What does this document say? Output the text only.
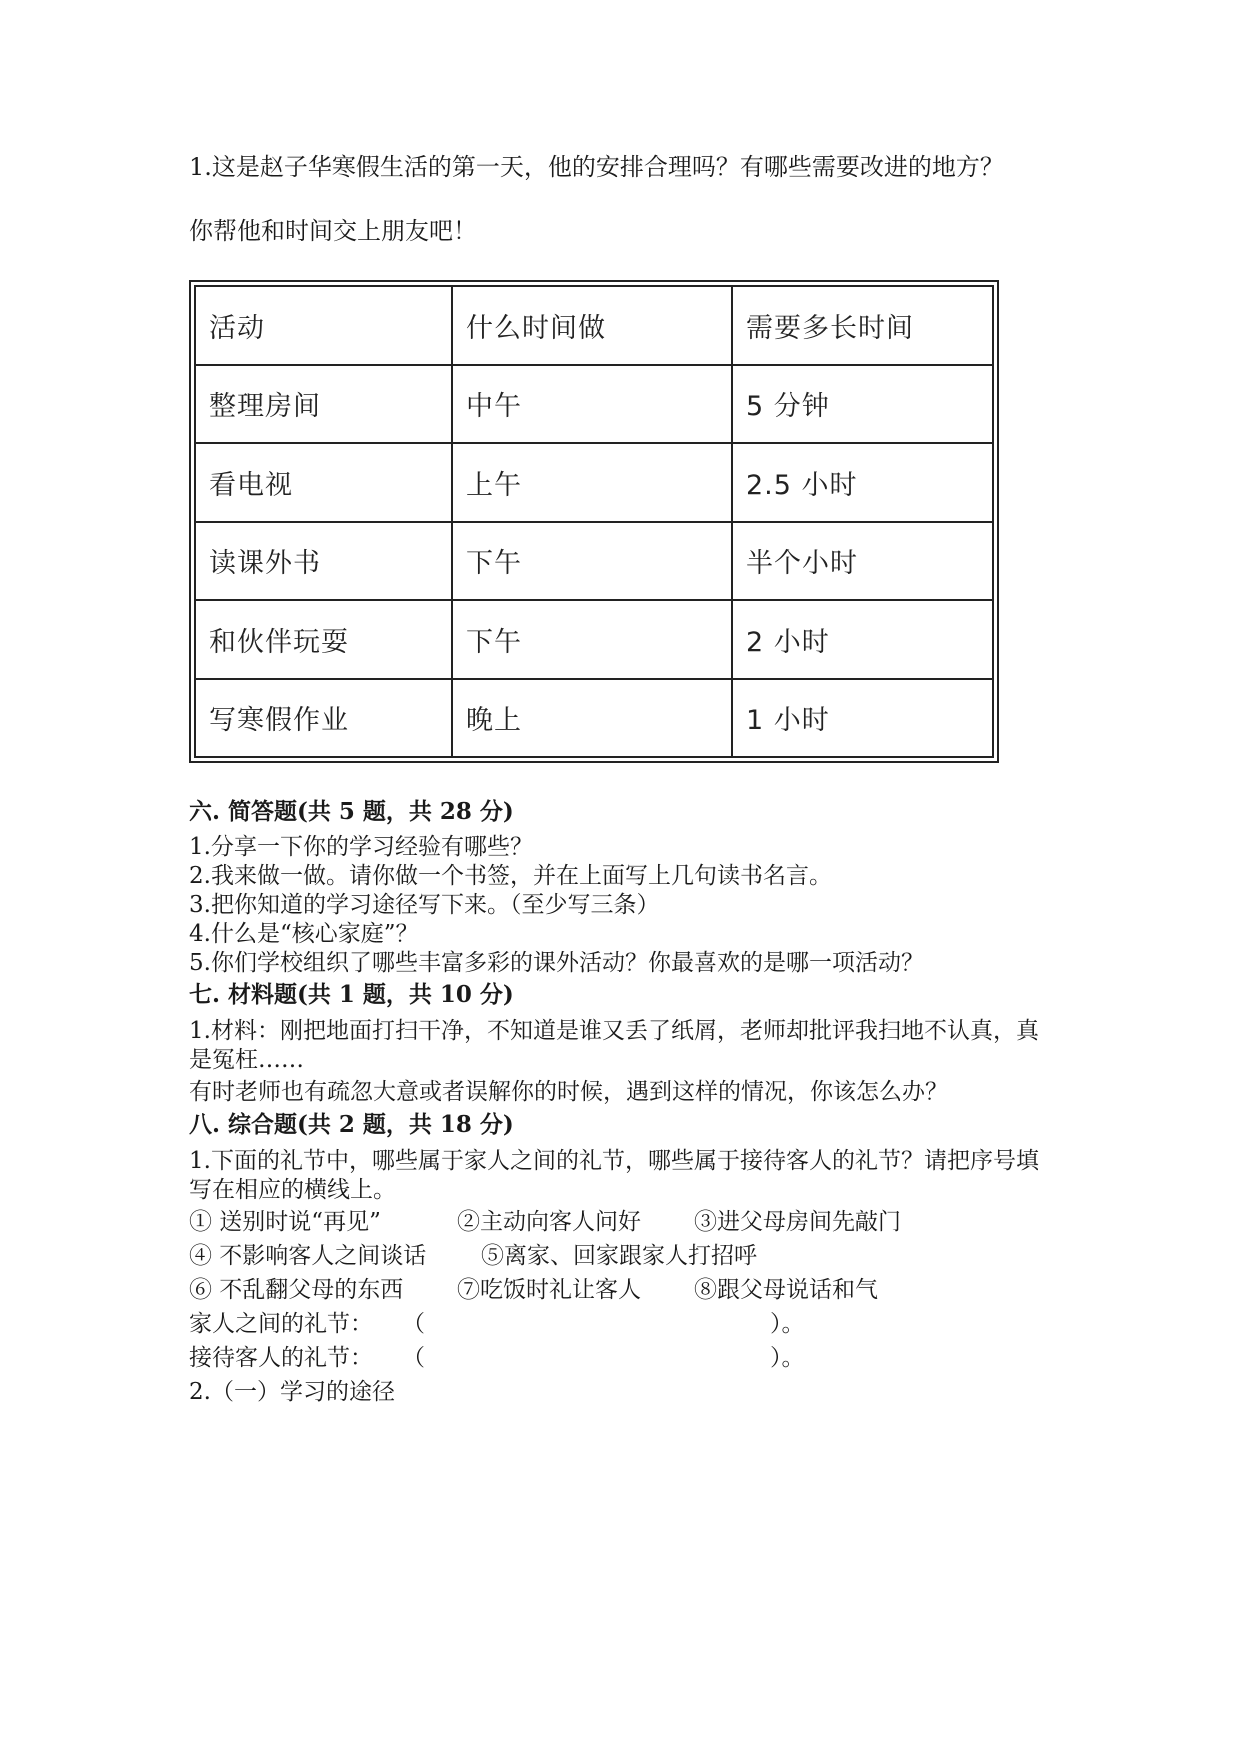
1.这是赵子华寒假生活的第一天，他的安排合理吗？有哪些需要改进的地方？
你帮他和时间交上朋友吧！
活动	什么时间做	需要多长时间
整理房间	中午	5 分钟
看电视	上午	2.5 小时
读课外书	下午	半个小时
和伙伴玩耍	下午	2 小时
写寒假作业	晚上	1 小时
六. 简答题(共 5 题，共 28 分)
1.分享一下你的学习经验有哪些？
2.我来做一做。请你做一个书签，并在上面写上几句读书名言。
3.把你知道的学习途径写下来。（至少写三条）
4.什么是“核心家庭”？
5.你们学校组织了哪些丰富多彩的课外活动？你最喜欢的是哪一项活动？
七. 材料题(共 1 题，共 10 分)
1.材料：刚把地面打扫干净，不知道是谁又丢了纸屑，老师却批评我扫地不认真，真是冤枉……
有时老师也有疏忽大意或者误解你的时候，遇到这样的情况，你该怎么办？
八. 综合题(共 2 题，共 18 分)
1.下面的礼节中，哪些属于家人之间的礼节，哪些属于接待客人的礼节？请把序号填写在相应的横线上。
① 送别时说“再见”	②主动向客人问好 ③进父母房间先敲门
④ 不影响客人之间谈话 ⑤离家、回家跟家人打招呼
⑥ 不乱翻父母的东西 ⑦吃饭时礼让客人 ⑧跟父母说话和气
家人之间的礼节： （	）。
接待客人的礼节： （	）。
2.（一）学习的途径
